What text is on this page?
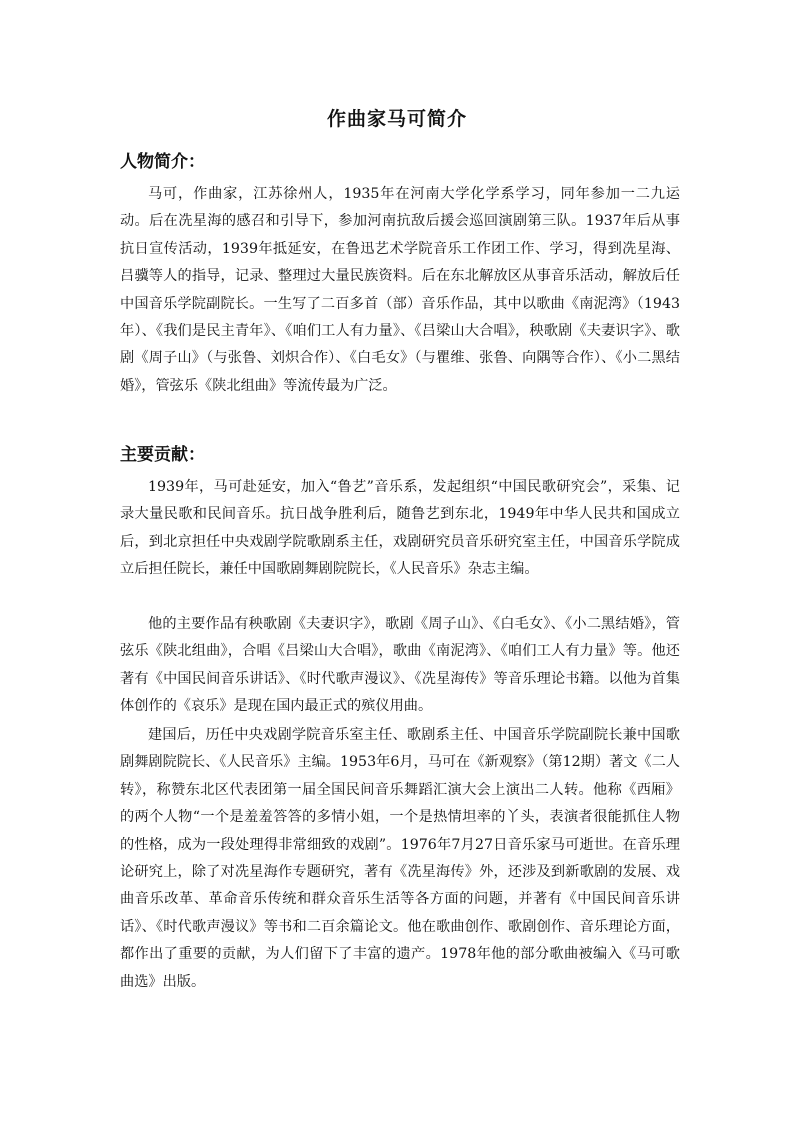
作曲家马可简介
人物简介：

马可，作曲家，江苏徐州人，1935年在河南大学化学系学习，同年参加一二九运动。后在冼星海的感召和引导下，参加河南抗敌后援会巡回演剧第三队。1937年后从事抗日宣传活动，1939年抵延安，在鲁迅艺术学院音乐工作团工作、学习，得到冼星海、吕骥等人的指导，记录、整理过大量民族资料。后在东北解放区从事音乐活动，解放后任中国音乐学院副院长。一生写了二百多首（部）音乐作品，其中以歌曲《南泥湾》（1943年）、《我们是民主青年》、《咱们工人有力量》、《吕梁山大合唱》，秧歌剧《夫妻识字》、歌剧《周子山》（与张鲁、刘炽合作）、《白毛女》（与瞿维、张鲁、向隅等合作）、《小二黑结婚》，管弦乐《陕北组曲》等流传最为广泛。

主要贡献：

1939年，马可赴延安，加入“鲁艺”音乐系，发起组织“中国民歌研究会”，采集、记录大量民歌和民间音乐。抗日战争胜利后，随鲁艺到东北，1949年中华人民共和国成立后，到北京担任中央戏剧学院歌剧系主任，戏剧研究员音乐研究室主任，中国音乐学院成立后担任院长，兼任中国歌剧舞剧院院长，《人民音乐》杂志主编。

他的主要作品有秧歌剧《夫妻识字》，歌剧《周子山》、《白毛女》、《小二黑结婚》，管弦乐《陕北组曲》，合唱《吕梁山大合唱》，歌曲《南泥湾》、《咱们工人有力量》等。他还著有《中国民间音乐讲话》、《时代歌声漫议》、《冼星海传》等音乐理论书籍。以他为首集体创作的《哀乐》是现在国内最正式的殡仪用曲。

建国后，历任中央戏剧学院音乐室主任、歌剧系主任、中国音乐学院副院长兼中国歌剧舞剧院院长、《人民音乐》主编。1953年6月，马可在《新观察》（第12期）著文《二人转》，称赞东北区代表团第一届全国民间音乐舞蹈汇演大会上演出二人转。他称《西厢》的两个人物“一个是羞羞答答的多情小姐，一个是热情坦率的丫头，表演者很能抓住人物的性格，成为一段处理得非常细致的戏剧”。1976年7月27日音乐家马可逝世。在音乐理论研究上，除了对冼星海作专题研究，著有《冼星海传》外，还涉及到新歌剧的发展、戏曲音乐改革、革命音乐传统和群众音乐生活等各方面的问题，并著有《中国民间音乐讲话》、《时代歌声漫议》等书和二百余篇论文。他在歌曲创作、歌剧创作、音乐理论方面，都作出了重要的贡献，为人们留下了丰富的遗产。1978年他的部分歌曲被编入《马可歌曲选》出版。
